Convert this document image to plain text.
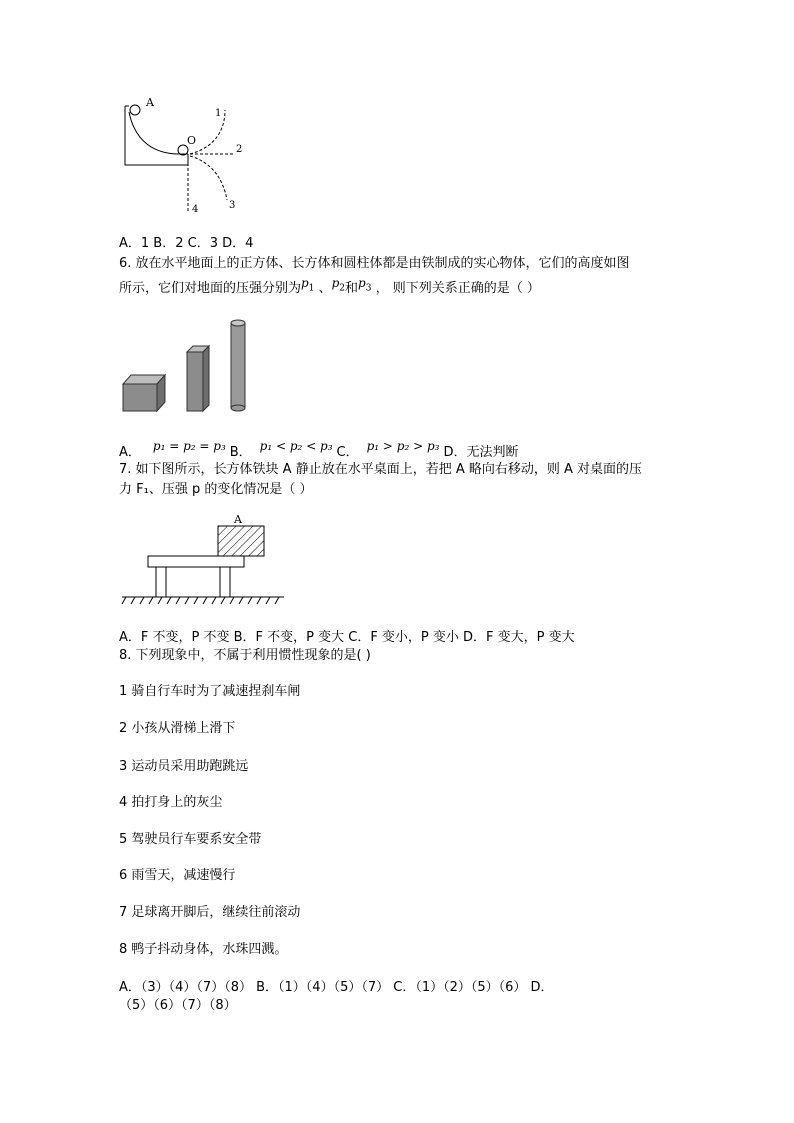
A
O
1
2
3
4
A．1 B．2 C．3 D．4
6. 放在水平地面上的正方体、长方体和圆柱体都是由铁制成的实心物体，它们的高度如图
所示，它们对地面的压强分别为$p_1$ 、$p_2$和$p_3$ ， 则下列关系正确的是（ ）
A． p₁ = p₂ = p₃ B． p₁ < p₂ < p₃ C． p₁ > p₂ > p₃ D．无法判断
7. 如下图所示，长方体铁块 A 静止放在水平桌面上，若把 A 略向右移动，则 A 对桌面的压
力 F₁、压强 p 的变化情况是（ ）
A
A．F 不变，P 不变 B．F 不变，P 变大 C．F 变小，P 变小 D．F 变大，P 变大
8. 下列现象中，不属于利用惯性现象的是( )
1 骑自行车时为了减速捏刹车闸
2 小孩从滑梯上滑下
3 运动员采用助跑跳远
4 拍打身上的灰尘
5 驾驶员行车要系安全带
6 雨雪天，减速慢行
7 足球离开脚后，继续往前滚动
8 鸭子抖动身体，水珠四溅。
A．（3）（4）（7）（8） B．（1）（4）（5）（7） C．（1）（2）（5）（6） D．
（5）（6）（7）（8）
